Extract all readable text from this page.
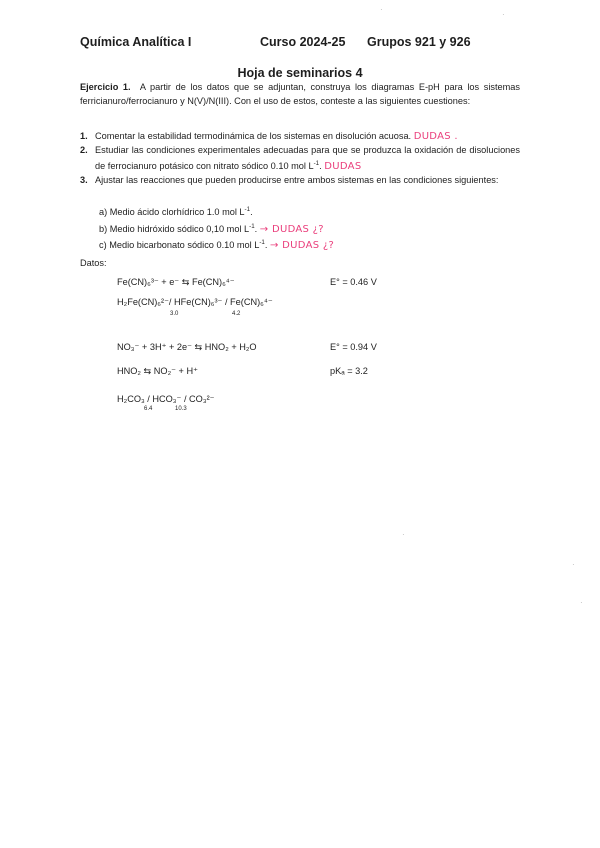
Química Analítica I	Curso 2024-25 Grupos 921 y 926
Hoja de seminarios 4
Ejercicio 1. A partir de los datos que se adjuntan, construya los diagramas E-pH para los sistemas ferricianuro/ferrocianuro y N(V)/N(III). Con el uso de estos, conteste a las siguientes cuestiones:
1. Comentar la estabilidad termodinámica de los sistemas en disolución acuosa. DUDAS .
2. Estudiar las condiciones experimentales adecuadas para que se produzca la oxidación de disoluciones de ferrocianuro potásico con nitrato sódico 0.10 mol $L^{-1}$. DUDAS
3. Ajustar las reacciones que pueden producirse entre ambos sistemas en las condiciones siguientes:
a) Medio ácido clorhídrico 1.0 mol $L^{-1}$.
b) Medio hidróxido sódico 0,10 mol $L^{-1}$. → DUDAS ¿?
c) Medio bicarbonato sódico 0.10 mol $L^{-1}$. → DUDAS ¿?
Datos:
Fe(CN)₆³⁻ + e⁻ ⇆ Fe(CN)₆⁴⁻	E° = 0.46 V
H₂Fe(CN)₆²⁻/ HFe(CN)₆³⁻ / Fe(CN)₆⁴⁻
3.0	4.2
NO₃⁻ + 3H⁺ + 2e⁻ ⇆ HNO₂ + H₂O	E° = 0.94 V
HNO₂ ⇆ NO₂⁻ + H⁺	pKₐ = 3.2
H₂CO₃ / HCO₃⁻ / CO₃²⁻
6.4	10.3
·
·
·
·
·
